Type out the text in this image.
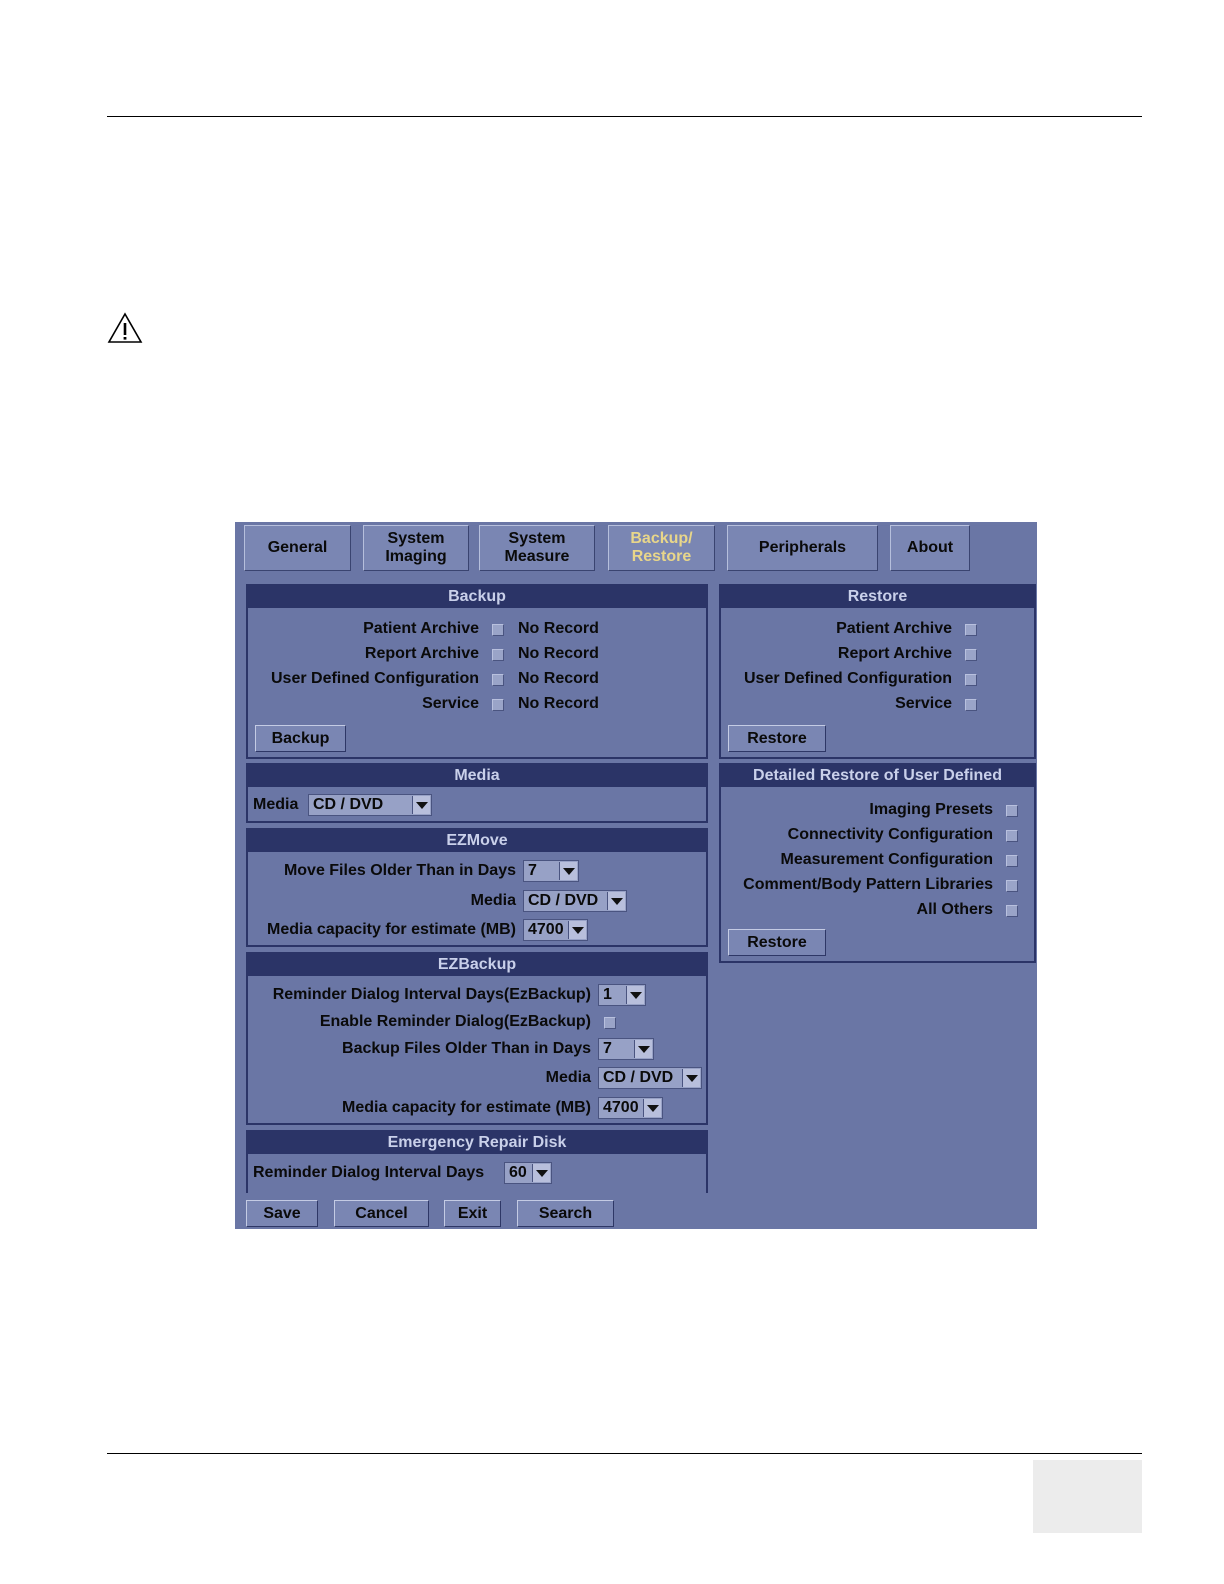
General
System
Imaging
System
Measure
Backup/
Restore
Peripherals	About
Backup
Patient Archive No Record
Report Archive No Record
User Defined Configuration No Record
Service No Record
Backup
Restore
Patient Archive
Report Archive
User Defined Configuration
Service
Restore
Media
Media CD / DVD
EZMove
Move Files Older Than in Days 7
Media CD / DVD
Media capacity for estimate (MB) 4700
Detailed Restore of User Defined
Imaging Presets
Connectivity Configuration
Measurement Configuration
Comment/Body Pattern Libraries
All Others
Restore
EZBackup
Reminder Dialog Interval Days(EzBackup) 1
Enable Reminder Dialog(EzBackup)
Backup Files Older Than in Days 7
Media CD / DVD
Media capacity for estimate (MB) 4700
Emergency Repair Disk
Reminder Dialog Interval Days	60
Save	Cancel	Exit	Search
